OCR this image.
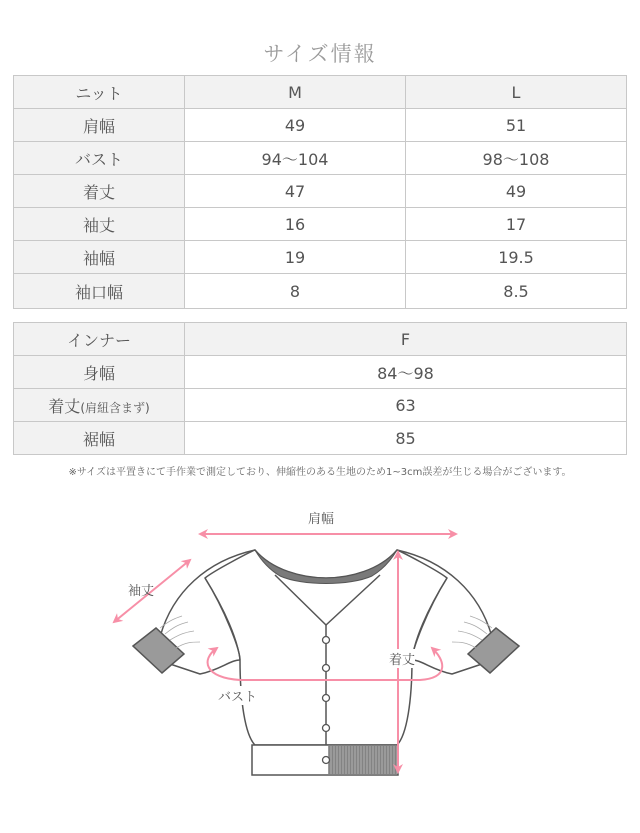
サイズ情報
ニット	M	L
肩幅	49	51
バスト	94～104	98～108
着丈	47	49
袖丈	16	17
袖幅	19	19.5
袖口幅	8	8.5
インナー	F
身幅	84～98
着丈(肩紐含まず)	63
裾幅	85
※サイズは平置きにて手作業で測定しており、伸縮性のある生地のため1~3cm誤差が生じる場合がございます。
肩幅
袖丈
着丈
バスト
